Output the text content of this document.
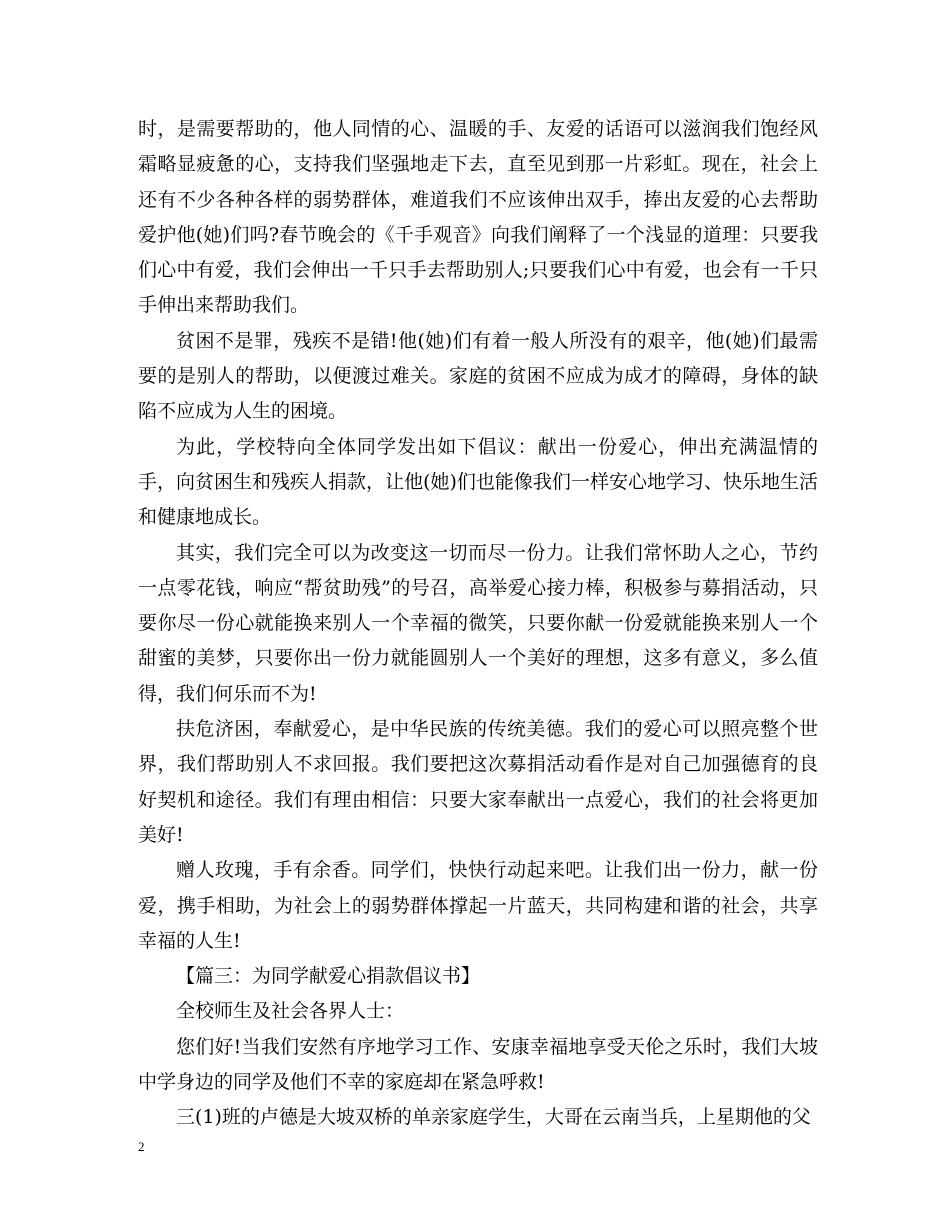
时，是需要帮助的，他人同情的心、温暖的手、友爱的话语可以滋润我们饱经风霜略显疲惫的心，支持我们坚强地走下去，直至见到那一片彩虹。现在，社会上还有不少各种各样的弱势群体，难道我们不应该伸出双手，捧出友爱的心去帮助爱护他(她)们吗?春节晚会的《千手观音》向我们阐释了一个浅显的道理：只要我们心中有爱，我们会伸出一千只手去帮助别人;只要我们心中有爱，也会有一千只手伸出来帮助我们。

贫困不是罪，残疾不是错!他(她)们有着一般人所没有的艰辛，他(她)们最需要的是别人的帮助，以便渡过难关。家庭的贫困不应成为成才的障碍，身体的缺陷不应成为人生的困境。

为此，学校特向全体同学发出如下倡议：献出一份爱心，伸出充满温情的手，向贫困生和残疾人捐款，让他(她)们也能像我们一样安心地学习、快乐地生活和健康地成长。

其实，我们完全可以为改变这一切而尽一份力。让我们常怀助人之心，节约一点零花钱，响应“帮贫助残”的号召，高举爱心接力棒，积极参与募捐活动，只要你尽一份心就能换来别人一个幸福的微笑，只要你献一份爱就能换来别人一个甜蜜的美梦，只要你出一份力就能圆别人一个美好的理想，这多有意义，多么值得，我们何乐而不为!

扶危济困，奉献爱心，是中华民族的传统美德。我们的爱心可以照亮整个世界，我们帮助别人不求回报。我们要把这次募捐活动看作是对自己加强德育的良好契机和途径。我们有理由相信：只要大家奉献出一点爱心，我们的社会将更加美好!

赠人玫瑰，手有余香。同学们，快快行动起来吧。让我们出一份力，献一份爱，携手相助，为社会上的弱势群体撑起一片蓝天，共同构建和谐的社会，共享幸福的人生!

【篇三：为同学献爱心捐款倡议书】

全校师生及社会各界人士：

您们好!当我们安然有序地学习工作、安康幸福地享受天伦之乐时，我们大坡中学身边的同学及他们不幸的家庭却在紧急呼救!

三(1)班的卢德是大坡双桥的单亲家庭学生，大哥在云南当兵，上星期他的父

2
